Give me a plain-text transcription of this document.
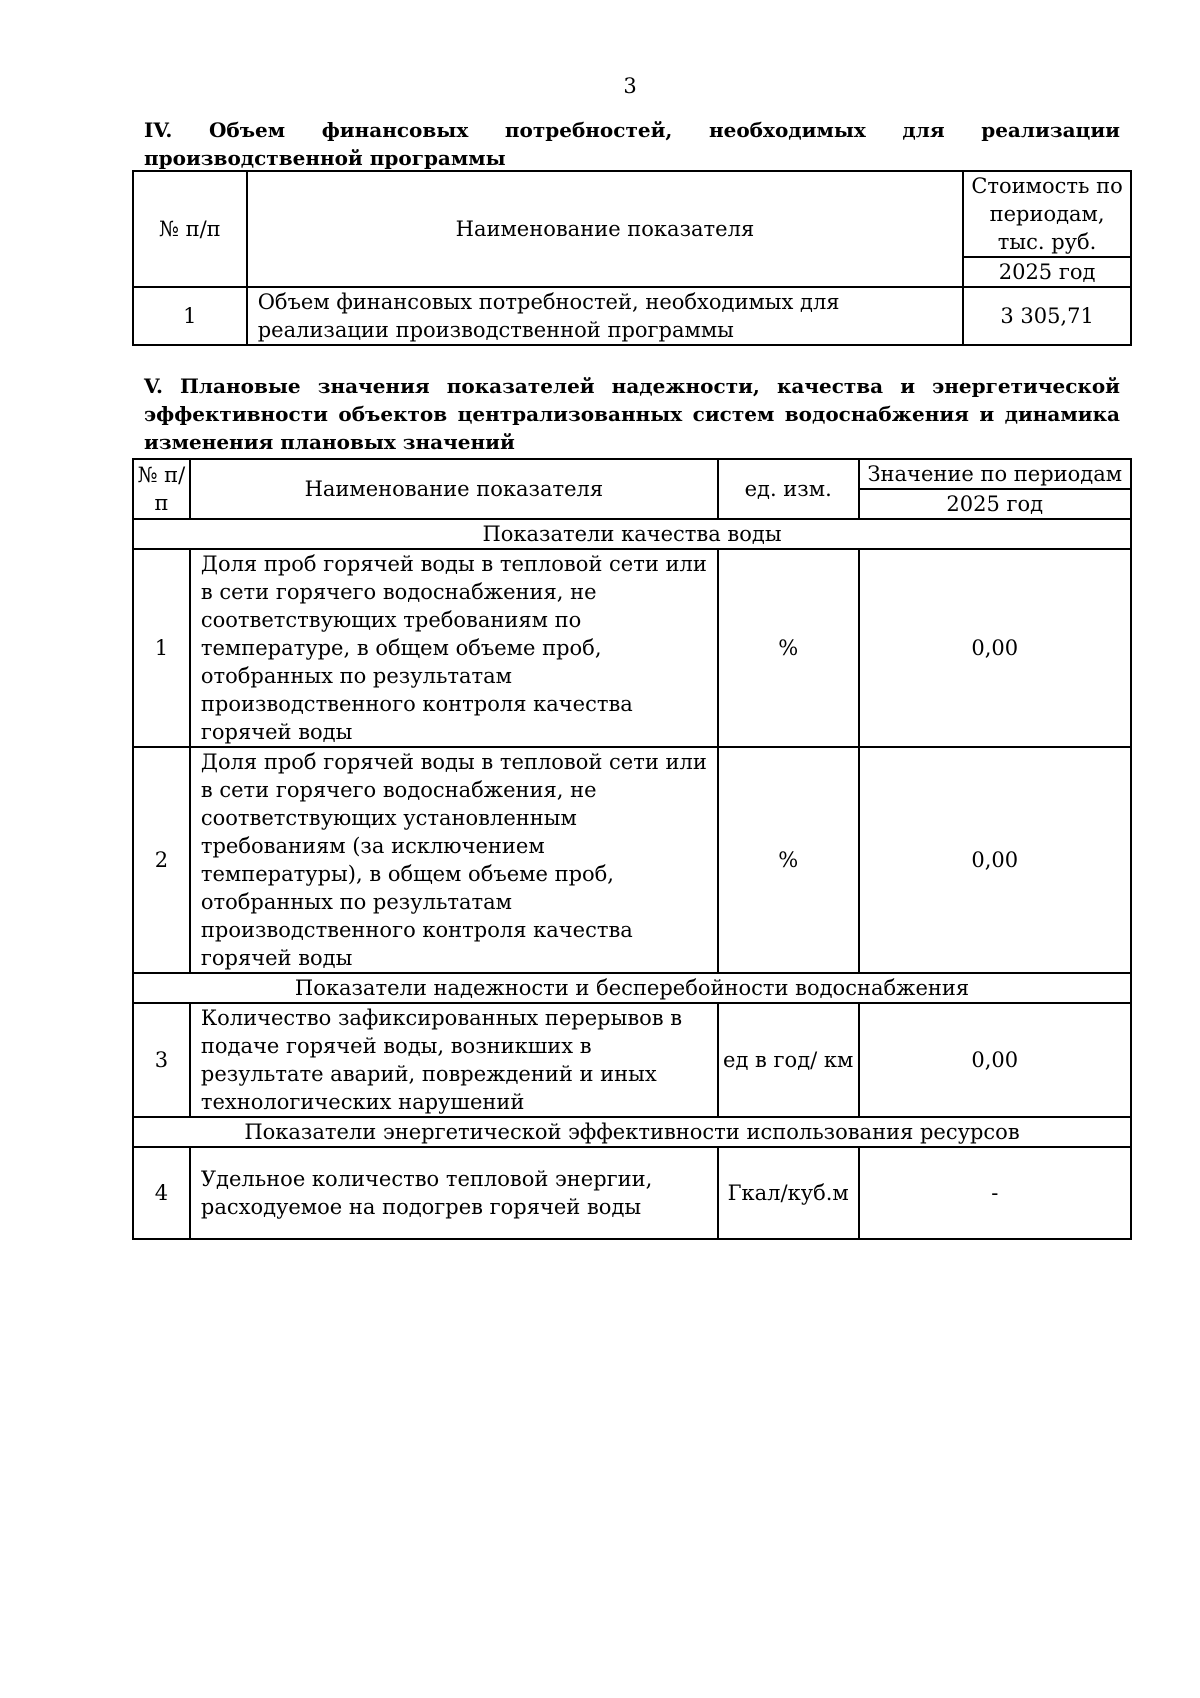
3
IV. Объем финансовых потребностей, необходимых для реализации производственной программы
№ п/п	Наименование показателя	Стоимость по периодам, тыс. руб.
		2025 год
1	Объем финансовых потребностей, необходимых для реализации производственной программы	3 305,71
V. Плановые значения показателей надежности, качества и энергетической эффективности объектов централизованных систем водоснабжения и динамика изменения плановых значений
№ п/п	Наименование показателя	ед. изм.	Значение по периодам
			2025 год
Показатели качества воды			
1	Доля проб горячей воды в тепловой сети или в сети горячего водоснабжения, не соответствующих требованиям по температуре, в общем объеме проб, отобранных по результатам производственного контроля качества горячей воды	%	0,00
2	Доля проб горячей воды в тепловой сети или в сети горячего водоснабжения, не соответствующих установленным требованиям (за исключением температуры), в общем объеме проб, отобранных по результатам производственного контроля качества горячей воды	%	0,00
Показатели надежности и бесперебойности водоснабжения			
3	Количество зафиксированных перерывов в подаче горячей воды, возникших в результате аварий, повреждений и иных технологических нарушений	ед в год/ км	0,00
Показатели энергетической эффективности использования ресурсов			
4	Удельное количество тепловой энергии, расходуемое на подогрев горячей воды	Гкал/куб.м	-
